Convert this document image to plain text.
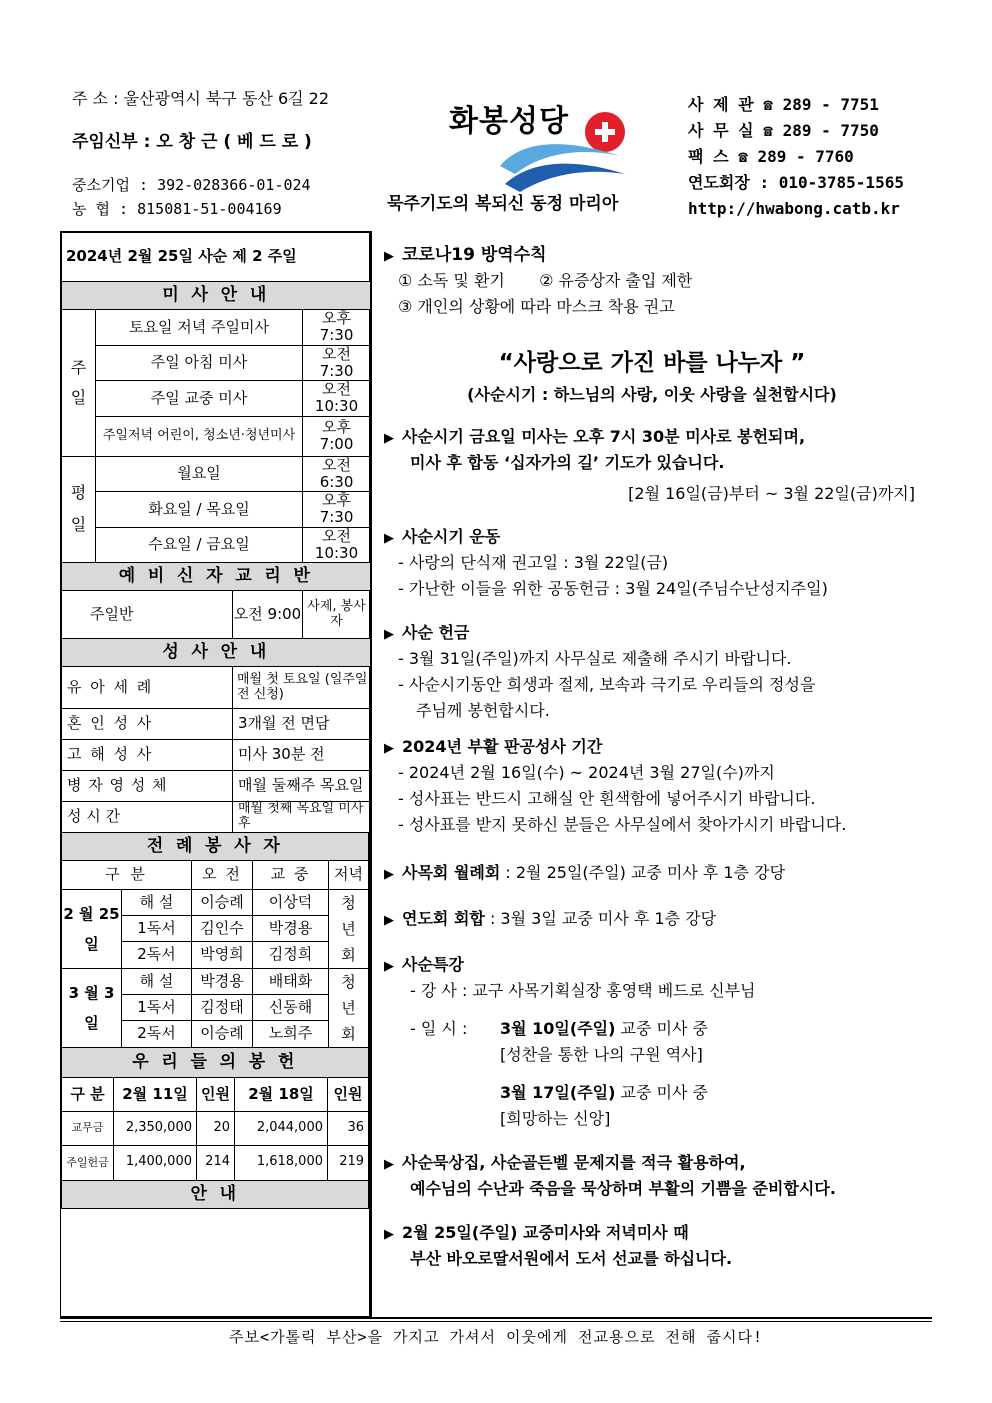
주 소 : 울산광역시 북구 동산 6길 22
주임신부 : 오 창 근 ( 베 드 로 )
중소기업 : 392-028366-01-024
농 협 : 815081-51-004169
화봉성당
묵주기도의 복되신 동정 마리아
사 제 관 ☎ 289 - 7751
사 무 실 ☎ 289 - 7750
팩 스 ☎ 289 - 7760
연도회장 : 010-3785-1565
http://hwabong.catb.kr
2024년 2월 25일 사순 제 2 주일			
미 사 안 내			
주일	토요일 저녁 주일미사		오후 7:30
	주일 아침 미사		오전 7:30
	주일 교중 미사		오전 10:30
	주일저녁 어린이, 청소년·청년미사		오후 7:00
평일	월요일		오전 6:30
	화요일 / 목요일		오후 7:30
	수요일 / 금요일		오전 10:30
예 비 신 자 교 리 반			
주일반		오전 9:00	사제, 봉사자
성 사 안 내			
유 아 세 례		매월 첫 토요일 (일주일 전 신청)	
혼 인 성 사		3개월 전 면담	
고 해 성 사		미사 30분 전	
병 자 영 성 체		매월 둘째주 목요일	
성 시 간		매월 첫째 목요일 미사 후	
전 례 봉 사 자				
구 분		오 전	교 중	저녁
2 월 25 일	해 설	이승례	이상덕	청 년 회
	1독서	김인수	박경용	
	2독서	박영희	김정희	
3 월 3 일	해 설	박경용	배태화	청 년 회
	1독서	김정태	신동해	
	2독서	이승례	노희주	
우 리 들 의 봉 헌				
구 분	2월 11일	인원	2월 18일	인원
교무금	2,350,000	20	2,044,000	36
주일헌금	1,400,000	214	1,618,000	219
안 내				
▶ 코로나19 방역수칙
① 소독 및 환기 ② 유증상자 출입 제한
③ 개인의 상황에 따라 마스크 착용 권고
“사랑으로 가진 바를 나누자 ”
(사순시기 : 하느님의 사랑, 이웃 사랑을 실천합시다)
▶ 사순시기 금요일 미사는 오후 7시 30분 미사로 봉헌되며,
미사 후 합동 ‘십자가의 길’ 기도가 있습니다.
[2월 16일(금)부터 ~ 3월 22일(금)까지]
▶ 사순시기 운동
- 사랑의 단식재 권고일 : 3월 22일(금)
- 가난한 이들을 위한 공동헌금 : 3월 24일(주님수난성지주일)
▶ 사순 헌금
- 3월 31일(주일)까지 사무실로 제출해 주시기 바랍니다.
- 사순시기동안 희생과 절제, 보속과 극기로 우리들의 정성을
주님께 봉헌합시다.
▶ 2024년 부활 판공성사 기간
- 2024년 2월 16일(수) ~ 2024년 3월 27일(수)까지
- 성사표는 반드시 고해실 안 흰색함에 넣어주시기 바랍니다.
- 성사표를 받지 못하신 분들은 사무실에서 찾아가시기 바랍니다.
▶ 사목회 월례회 : 2월 25일(주일) 교중 미사 후 1층 강당
▶ 연도회 회합 : 3월 3일 교중 미사 후 1층 강당
▶ 사순특강
- 강 사 : 교구 사목기획실장 홍영택 베드로 신부님
- 일 시 : 3월 10일(주일) 교중 미사 중
[성찬을 통한 나의 구원 역사]
3월 17일(주일) 교중 미사 중
[희망하는 신앙]
▶ 사순묵상집, 사순골든벨 문제지를 적극 활용하여,
예수님의 수난과 죽음을 묵상하며 부활의 기쁨을 준비합시다.
▶ 2월 25일(주일) 교중미사와 저녁미사 때
부산 바오로딸서원에서 도서 선교를 하십니다.
주보<가톨릭 부산>을 가지고 가셔서 이웃에게 전교용으로 전해 줍시다!
